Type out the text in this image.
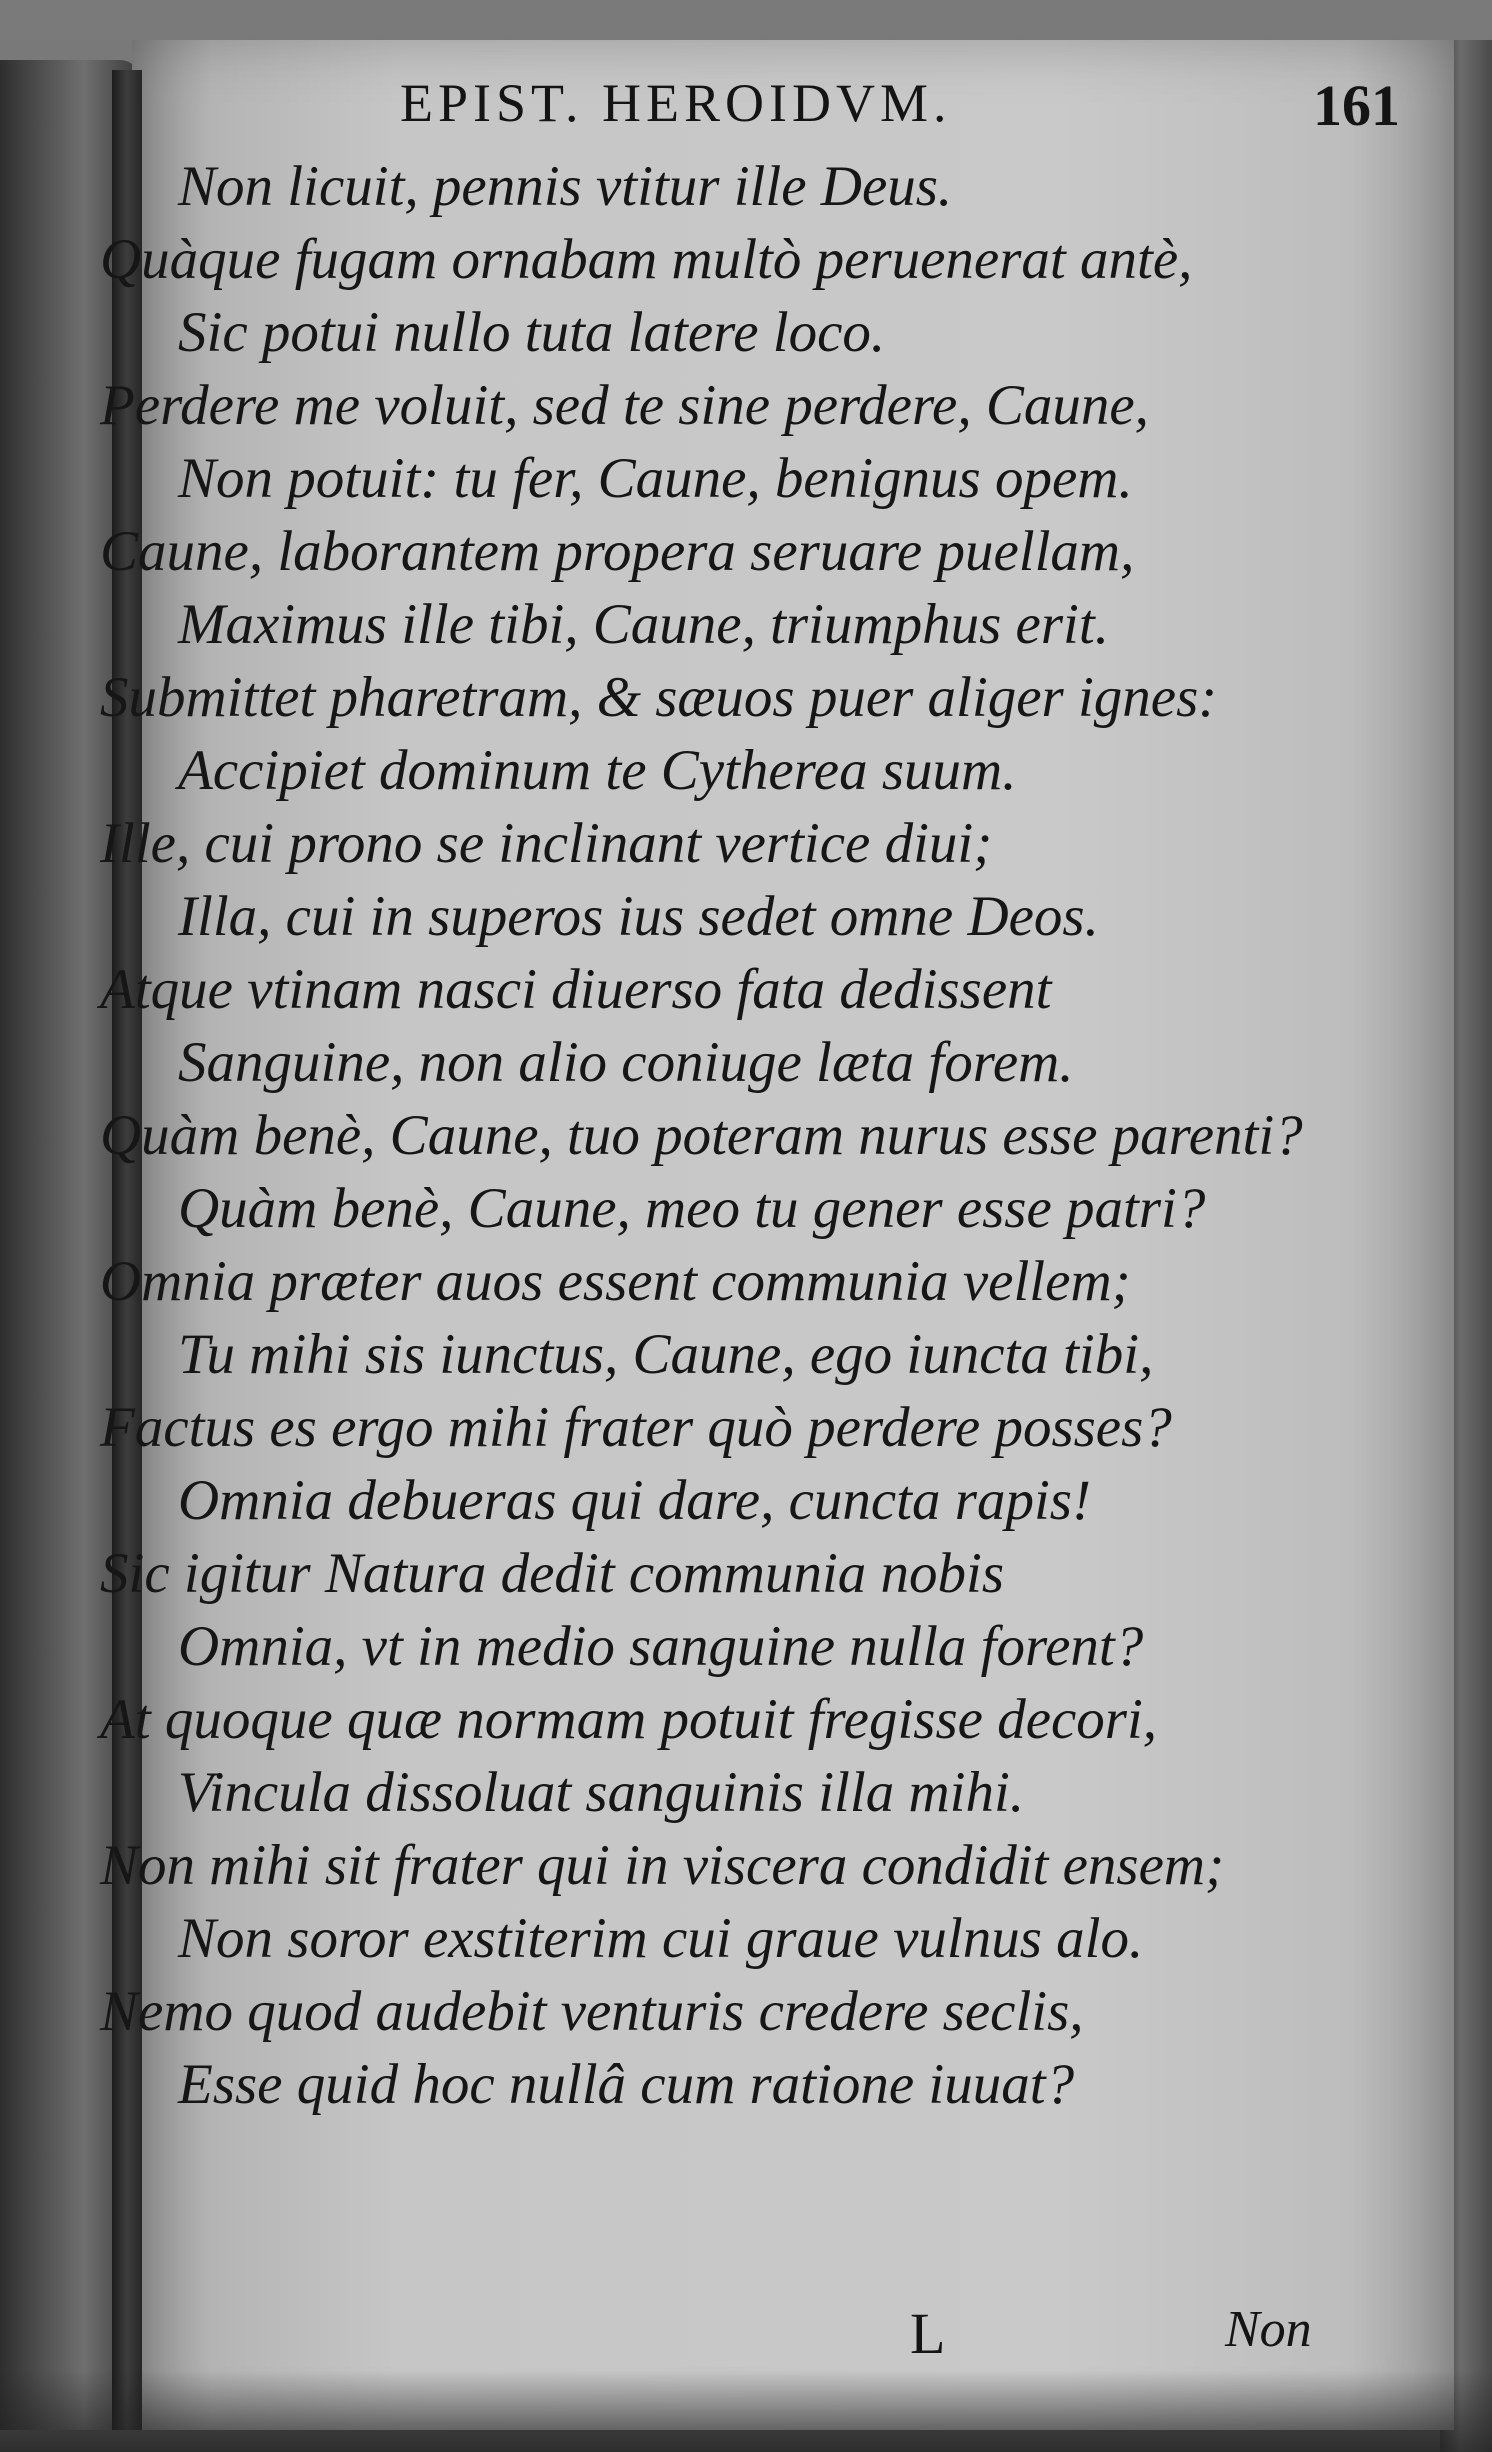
EPIST. HEROIDVM.	161
Non licuit, pennis vtitur ille Deus.
Quàque fugam ornabam multò peruenerat antè,
Sic potui nullo tuta latere loco.
Perdere me voluit, sed te sine perdere, Caune,
Non potuit: tu fer, Caune, benignus opem.
Caune, laborantem propera seruare puellam,
Maximus ille tibi, Caune, triumphus erit.
Submittet pharetram, & sæuos puer aliger ignes:
Accipiet dominum te Cytherea suum.
Ille, cui prono se inclinant vertice diui;
Illa, cui in superos ius sedet omne Deos.
Atque vtinam nasci diuerso fata dedissent
Sanguine, non alio coniuge læta forem.
Quàm benè, Caune, tuo poteram nurus esse parenti?
Quàm benè, Caune, meo tu gener esse patri?
Omnia præter auos essent communia vellem;
Tu mihi sis iunctus, Caune, ego iuncta tibi,
Factus es ergo mihi frater quò perdere posses?
Omnia debueras qui dare, cuncta rapis!
Sic igitur Natura dedit communia nobis
Omnia, vt in medio sanguine nulla forent?
At quoque quæ normam potuit fregisse decori,
Vincula dissoluat sanguinis illa mihi.
Non mihi sit frater qui in viscera condidit ensem;
Non soror exstiterim cui graue vulnus alo.
Nemo quod audebit venturis credere seclis,
Esse quid hoc nullâ cum ratione iuuat?
L	Non
